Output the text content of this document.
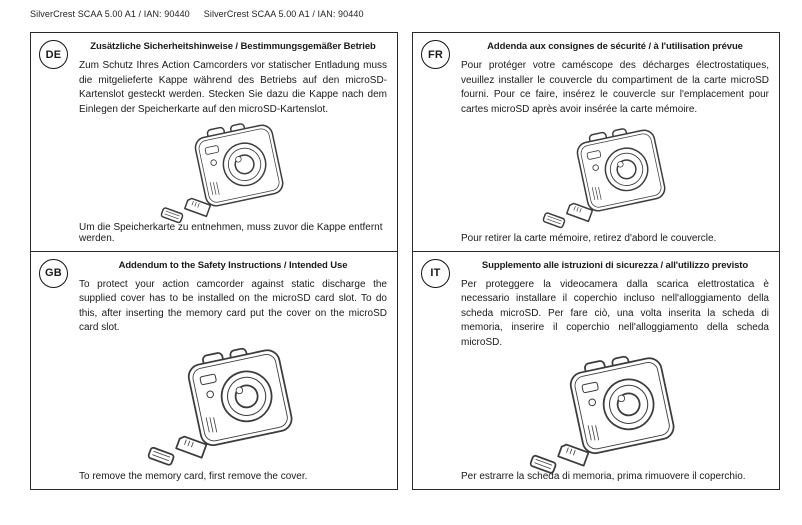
SilverCrest SCAA 5.00 A1 / IAN: 90440 SilverCrest SCAA 5.00 A1 / IAN: 90440
DE
Zusätzliche Sicherheitshinweise / Bestimmungsgemäßer Betrieb

Zum Schutz Ihres Action Camcorders vor statischer Entladung muss die mitgelieferte Kappe während des Betriebs auf den microSD-Kartenslot gesteckt werden. Stecken Sie dazu die Kappe nach dem Einlegen der Speicherkarte auf den microSD-Kartenslot.

Um die Speicherkarte zu entnehmen, muss zuvor die Kappe entfernt werden.

FR
Addenda aux consignes de sécurité / à l'utilisation prévue

Pour protéger votre caméscope des décharges électrostatiques, veuillez installer le couvercle du compartiment de la carte microSD fourni. Pour ce faire, insérez le couvercle sur l'emplacement pour cartes microSD après avoir insérée la carte mémoire.

Pour retirer la carte mémoire, retirez d'abord le couvercle.

GB
Addendum to the Safety Instructions / Intended Use

To protect your action camcorder against static discharge the supplied cover has to be installed on the microSD card slot. To do this, after inserting the memory card put the cover on the microSD card slot.

To remove the memory card, first remove the cover.

IT
Supplemento alle istruzioni di sicurezza / all'utilizzo previsto

Per proteggere la videocamera dalla scarica elettrostatica è necessario installare il coperchio incluso nell'alloggiamento della scheda microSD. Per fare ciò, una volta inserita la scheda di memoria, inserire il coperchio nell'alloggiamento della scheda microSD.

Per estrarre la scheda di memoria, prima rimuovere il coperchio.
